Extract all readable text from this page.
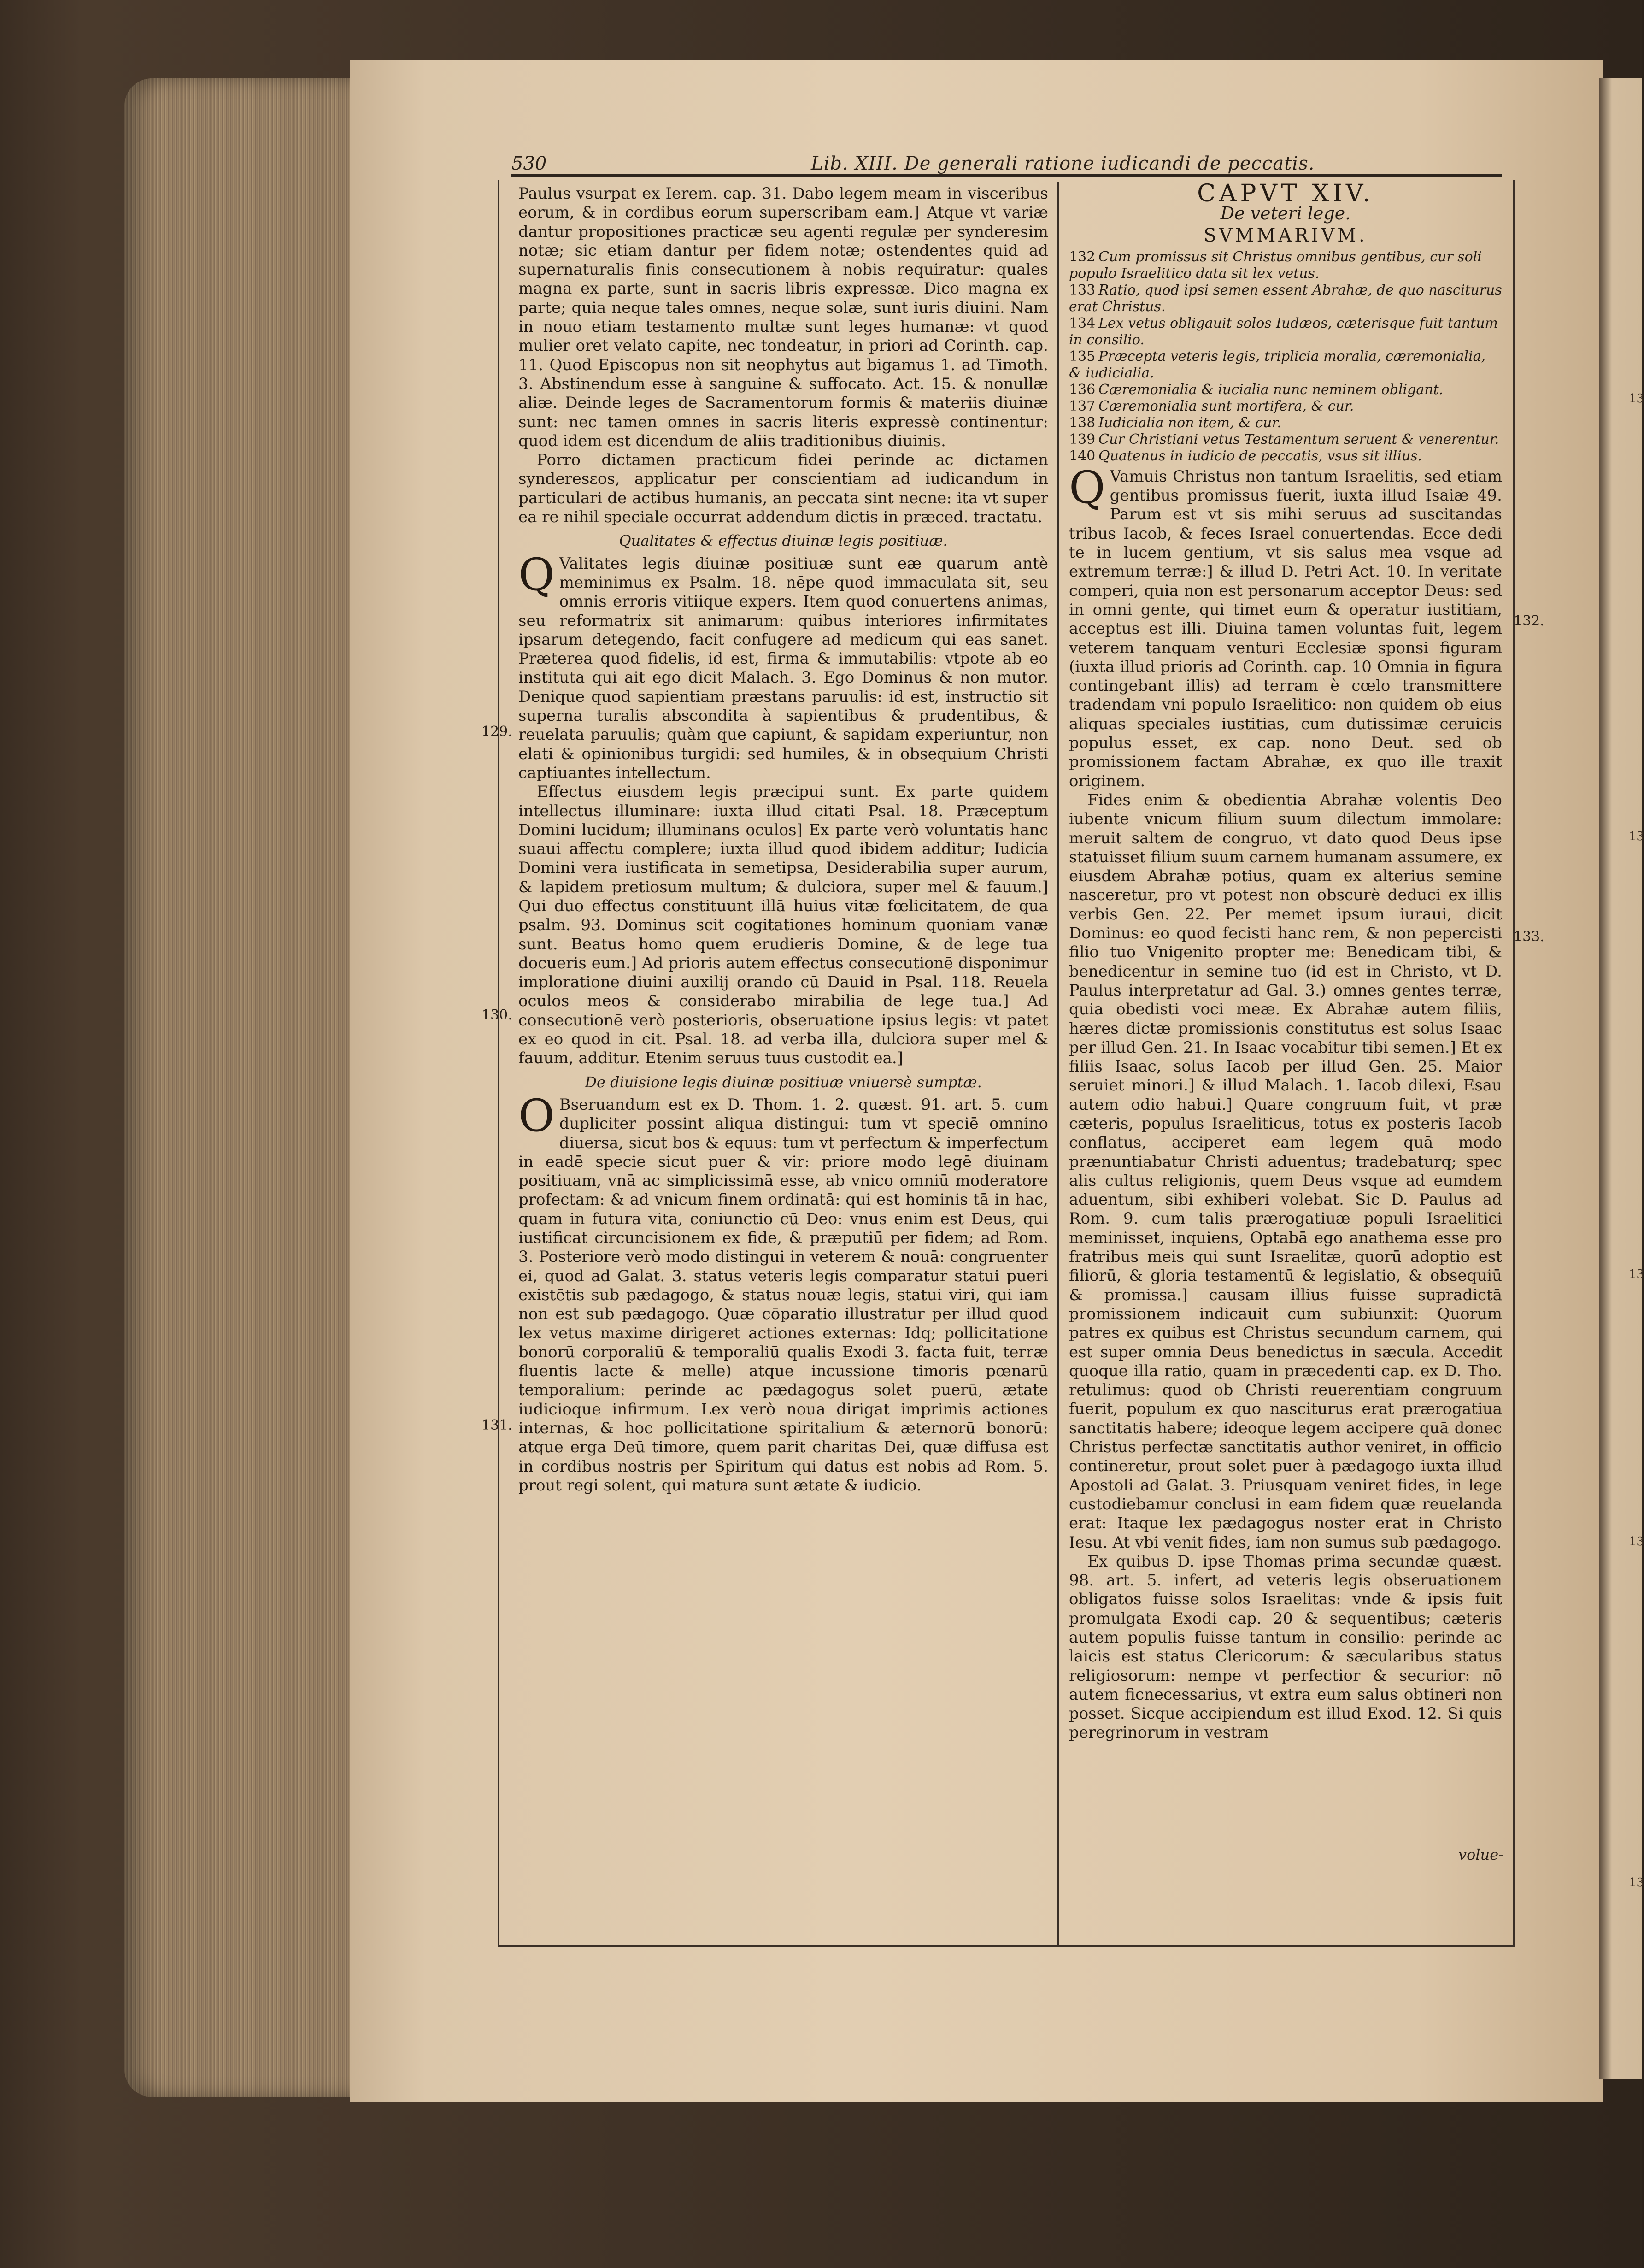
13
13
13
13
13
530	Lib. XIII. De generali ratione iudicandi de peccatis.

Paulus vsurpat ex Ierem. cap. 31. Dabo legem meam in visceribus eorum, & in cordibus eorum superscribam eam.] Atque vt variæ dantur propositiones practicæ seu agenti regulæ per synderesim notæ; sic etiam dantur per fidem notæ; ostendentes quid ad supernaturalis finis consecutionem à nobis requiratur: quales magna ex parte, sunt in sacris libris expressæ. Dico magna ex parte; quia neque tales omnes, neque solæ, sunt iuris diuini. Nam in nouo etiam testamento multæ sunt leges humanæ: vt quod mulier oret velato capite, nec tondeatur, in priori ad Corinth. cap. 11. Quod Episcopus non sit neophytus aut bigamus 1. ad Timoth. 3. Abstinendum esse à sanguine & suffocato. Act. 15. & nonullæ aliæ. Deinde leges de Sacramentorum formis & materiis diuinæ sunt: nec tamen omnes in sacris literis expressè continentur: quod idem est dicendum de aliis traditionibus diuinis.

Porro dictamen practicum fidei perinde ac dictamen synderesεos, applicatur per conscientiam ad iudicandum in particulari de actibus humanis, an peccata sint necne: ita vt super ea re nihil speciale occurrat addendum dictis in præced. tractatu.

Qualitates & effectus diuinæ legis positiuæ.

Q Valitates legis diuinæ positiuæ sunt eæ quarum antè meminimus ex Psalm. 18. nēpe quod immaculata sit, seu omnis erroris vitiique expers. Item quod conuertens animas, seu reformatrix sit animarum: quibus interiores infirmitates ipsarum detegendo, facit confugere ad medicum qui eas sanet. Præterea quod fidelis, id est, firma & immutabilis: vtpote ab eo instituta qui ait ego dicit Malach. 3. Ego Dominus & non mutor. Denique quod sapientiam præstans paruulis: id est, instructio sit superna turalis abscondita à sapientibus & prudentibus, & reuelata paruulis; quàm que capiunt, & sapidam experiuntur, non elati & opinionibus turgidi: sed humiles, & in obsequium Christi captiuantes intellectum.

Effectus eiusdem legis præcipui sunt. Ex parte quidem intellectus illuminare: iuxta illud citati Psal. 18. Præceptum Domini lucidum; illuminans oculos] Ex parte verò voluntatis hanc suaui affectu complere; iuxta illud quod ibidem additur; Iudicia Domini vera iustificata in semetipsa, Desiderabilia super aurum, & lapidem pretiosum multum; & dulciora, super mel & fauum.] Qui duo effectus constituunt illā huius vitæ fœlicitatem, de qua psalm. 93. Dominus scit cogitationes hominum quoniam vanæ sunt. Beatus homo quem erudieris Domine, & de lege tua docueris eum.] Ad prioris autem effectus consecutionē disponimur imploratione diuini auxilij orando cū Dauid in Psal. 118. Reuela oculos meos & considerabo mirabilia de lege tua.] Ad consecutionē verò posterioris, obseruatione ipsius legis: vt patet ex eo quod in cit. Psal. 18. ad verba illa, dulciora super mel & fauum, additur. Etenim seruus tuus custodit ea.]

De diuisione legis diuinæ positiuæ vniuersè sumptæ.

O Bseruandum est ex D. Thom. 1. 2. quæst. 91. art. 5. cum dupliciter possint aliqua distingui: tum vt speciē omnino diuersa, sicut bos & equus: tum vt perfectum & imperfectum in eadē specie sicut puer & vir: priore modo legē diuinam positiuam, vnā ac simplicissimā esse, ab vnico omniū moderatore profectam: & ad vnicum finem ordinatā: qui est hominis tā in hac, quam in futura vita, coniunctio cū Deo: vnus enim est Deus, qui iustificat circuncisionem ex fide, & præputiū per fidem; ad Rom. 3. Posteriore verò modo distingui in veterem & nouā: congruenter ei, quod ad Galat. 3. status veteris legis comparatur statui pueri existētis sub pædagogo, & status nouæ legis, statui viri, qui iam non est sub pædagogo. Quæ cōparatio illustratur per illud quod lex vetus maxime dirigeret actiones externas: Idq; pollicitatione bonorū corporaliū & temporaliū qualis Exodi 3. facta fuit, terræ fluentis lacte & melle) atque incussione timoris pœnarū temporalium: perinde ac pædagogus solet puerū, ætate iudicioque infirmum. Lex verò noua dirigat imprimis actiones internas, & hoc pollicitatione spiritalium & æternorū bonorū: atque erga Deū timore, quem parit charitas Dei, quæ diffusa est in cordibus nostris per Spiritum qui datus est nobis ad Rom. 5. prout regi solent, qui matura sunt ætate & iudicio.

129.
130.
131.
CAPVT XIV.
De veteri lege.
SVMMARIVM.
132 Cum promissus sit Christus omnibus gentibus, cur soli populo Israelitico data sit lex vetus.
133 Ratio, quod ipsi semen essent Abrahæ, de quo nasciturus erat Christus.
134 Lex vetus obligauit solos Iudæos, cæterisque fuit tantum in consilio.
135 Præcepta veteris legis, triplicia moralia, cæremonialia, & iudicialia.
136 Cæremonialia & iucialia nunc neminem obligant.
137 Cæremonialia sunt mortifera, & cur.
138 Iudicialia non item, & cur.
139 Cur Christiani vetus Testamentum seruent & venerentur.
140 Quatenus in iudicio de peccatis, vsus sit illius.

Q Vamuis Christus non tantum Israelitis, sed etiam gentibus promissus fuerit, iuxta illud Isaiæ 49. Parum est vt sis mihi seruus ad suscitandas tribus Iacob, & feces Israel conuertendas. Ecce dedi te in lucem gentium, vt sis salus mea vsque ad extremum terræ:] & illud D. Petri Act. 10. In veritate comperi, quia non est personarum acceptor Deus: sed in omni gente, qui timet eum & operatur iustitiam, acceptus est illi. Diuina tamen voluntas fuit, legem veterem tanquam venturi Ecclesiæ sponsi figuram (iuxta illud prioris ad Corinth. cap. 10 Omnia in figura contingebant illis) ad terram è cœlo transmittere tradendam vni populo Israelitico: non quidem ob eius aliquas speciales iustitias, cum dutissimæ ceruicis populus esset, ex cap. nono Deut. sed ob promissionem factam Abrahæ, ex quo ille traxit originem.

Fides enim & obedientia Abrahæ volentis Deo iubente vnicum filium suum dilectum immolare: meruit saltem de congruo, vt dato quod Deus ipse statuisset filium suum carnem humanam assumere, ex eiusdem Abrahæ potius, quam ex alterius semine nasceretur, pro vt potest non obscurè deduci ex illis verbis Gen. 22. Per memet ipsum iuraui, dicit Dominus: eo quod fecisti hanc rem, & non pepercisti filio tuo Vnigenito propter me: Benedicam tibi, & benedicentur in semine tuo (id est in Christo, vt D. Paulus interpretatur ad Gal. 3.) omnes gentes terræ, quia obedisti voci meæ. Ex Abrahæ autem filiis, hæres dictæ promissionis constitutus est solus Isaac per illud Gen. 21. In Isaac vocabitur tibi semen.] Et ex filiis Isaac, solus Iacob per illud Gen. 25. Maior seruiet minori.] & illud Malach. 1. Iacob dilexi, Esau autem odio habui.] Quare congruum fuit, vt præ cæteris, populus Israeliticus, totus ex posteris Iacob conflatus, acciperet eam legem quā modo prænuntiabatur Christi aduentus; tradebaturq; spec alis cultus religionis, quem Deus vsque ad eumdem aduentum, sibi exhiberi volebat. Sic D. Paulus ad Rom. 9. cum talis prærogatiuæ populi Israelitici meminisset, inquiens, Optabā ego anathema esse pro fratribus meis qui sunt Israelitæ, quorū adoptio est filiorū, & gloria testamentū & legislatio, & obsequiū & promissa.] causam illius fuisse supradictā promissionem indicauit cum subiunxit: Quorum patres ex quibus est Christus secundum carnem, qui est super omnia Deus benedictus in sæcula. Accedit quoque illa ratio, quam in præcedenti cap. ex D. Tho. retulimus: quod ob Christi reuerentiam congruum fuerit, populum ex quo nasciturus erat prærogatiua sanctitatis habere; ideoque legem accipere quā donec Christus perfectæ sanctitatis author veniret, in officio contineretur, prout solet puer à pædagogo iuxta illud Apostoli ad Galat. 3. Priusquam veniret fides, in lege custodiebamur conclusi in eam fidem quæ reuelanda erat: Itaque lex pædagogus noster erat in Christo Iesu. At vbi venit fides, iam non sumus sub pædagogo.

Ex quibus D. ipse Thomas prima secundæ quæst. 98. art. 5. infert, ad veteris legis obseruationem obligatos fuisse solos Israelitas: vnde & ipsis fuit promulgata Exodi cap. 20 & sequentibus; cæteris autem populis fuisse tantum in consilio: perinde ac laicis est status Clericorum: & sæcularibus status religiosorum: nempe vt perfectior & securior: nō autem ficnecessarius, vt extra eum salus obtineri non posset. Sicque accipiendum est illud Exod. 12. Si quis peregrinorum in vestram

132.
133.
volue-
